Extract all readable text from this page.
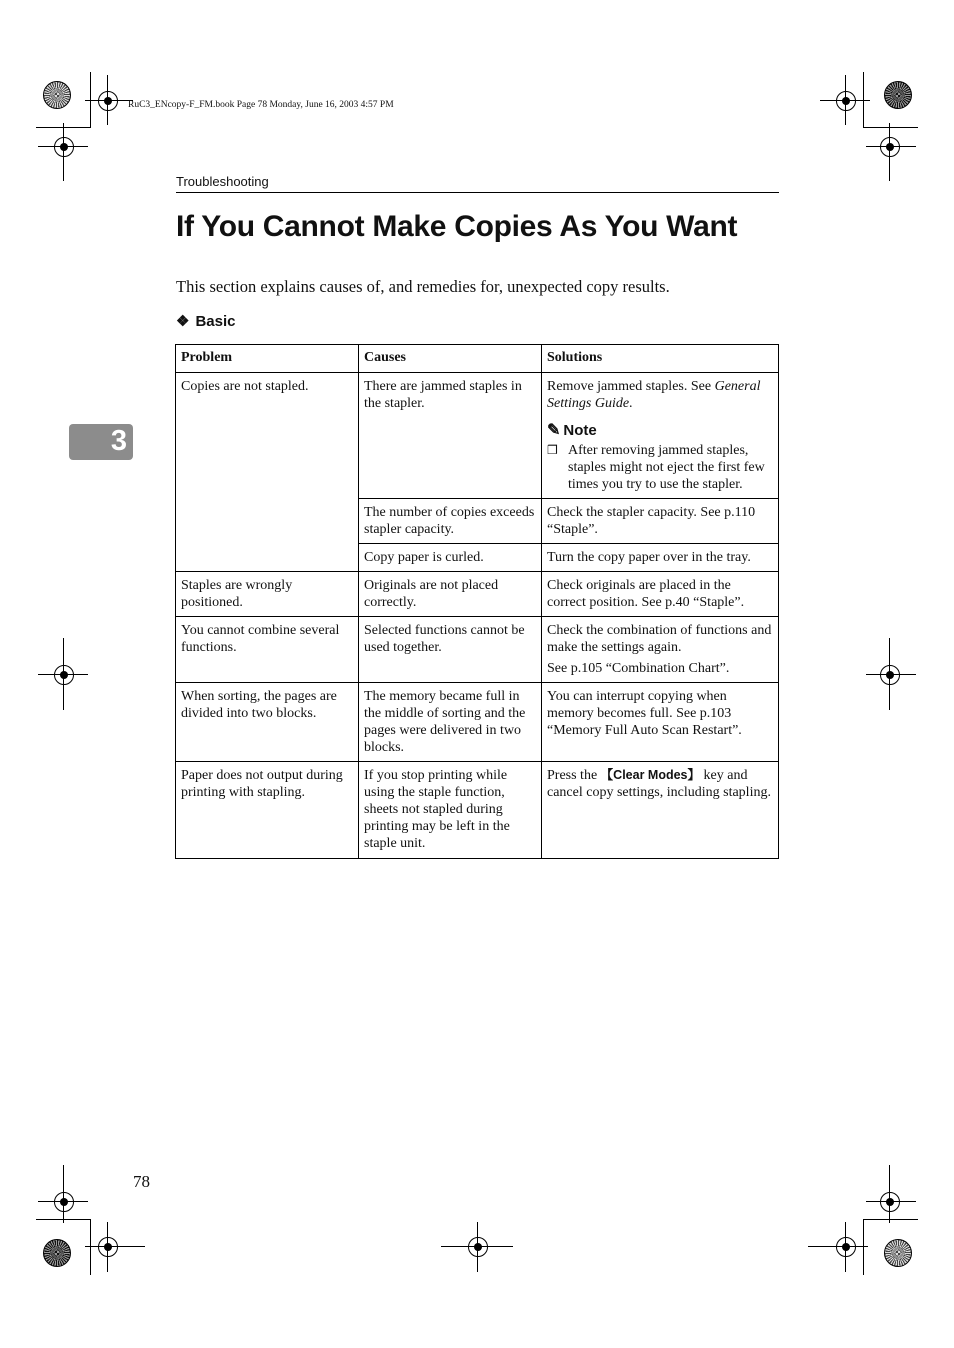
RuC3_ENcopy-F_FM.book Page 78 Monday, June 16, 2003 4:57 PM
Troubleshooting
If You Cannot Make Copies As You Want
This section explains causes of, and remedies for, unexpected copy results.
❖ Basic
3
Problem	Causes	Solutions
Copies are not stapled.	There are jammed staples in the stapler.	Remove jammed staples. See General Settings Guide.
✎ Note
❒ After removing jammed staples, staples might not eject the first few times you try to use the stapler.

	The number of copies exceeds stapler capacity.	Check the stapler capacity. See p.110 “Staple”.
	Copy paper is curled.	Turn the copy paper over in the tray.
Staples are wrongly positioned.	Originals are not placed correctly.	Check originals are placed in the correct position. See p.40 “Staple”.
You cannot combine several functions.	Selected functions cannot be used together.	Check the combination of functions and make the settings again.
See p.105 “Combination Chart”.

When sorting, the pages are divided into two blocks.	The memory became full in the middle of sorting and the pages were delivered in two blocks.	You can interrupt copying when memory becomes full. See p.103 “Memory Full Auto Scan Restart”.
Paper does not output during printing with stapling.	If you stop printing while using the staple function, sheets not stapled during printing may be left in the staple unit.	Press the 【Clear Modes】 key and cancel copy settings, including stapling.
78
